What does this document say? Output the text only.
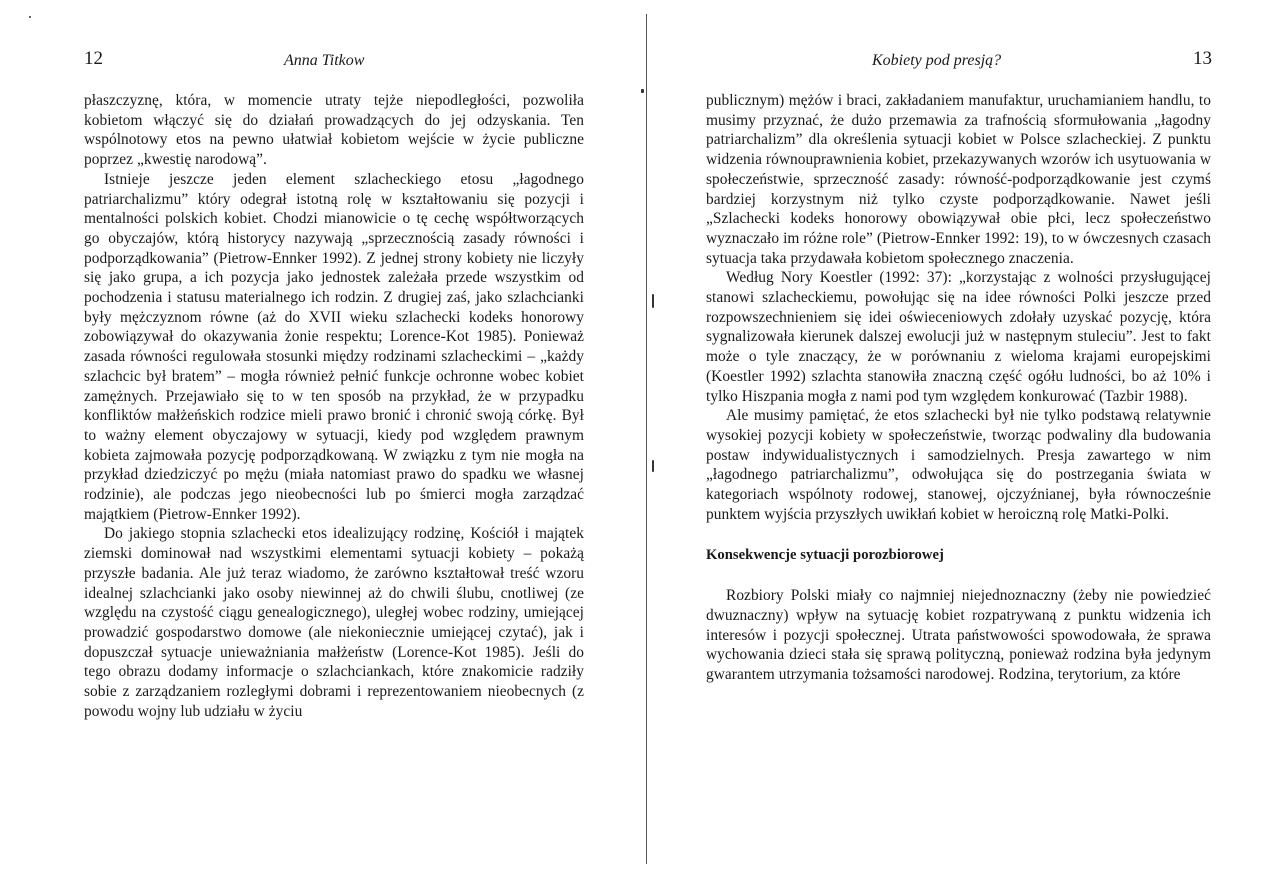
12	Anna Titkow

płaszczyznę, która, w momencie utraty tejże niepodległości, pozwoliła kobietom włączyć się do działań prowadzących do jej odzyskania. Ten wspólnotowy etos na pewno ułatwiał kobietom wejście w życie publiczne poprzez „kwestię narodową”.

Istnieje jeszcze jeden element szlacheckiego etosu „łagodnego patriarchalizmu” który odegrał istotną rolę w kształtowaniu się pozycji i mentalności polskich kobiet. Chodzi mianowicie o tę cechę współtworzących go obyczajów, którą historycy nazywają „sprzecznością zasady równości i podporządkowania” (Pietrow-Ennker 1992). Z jednej strony kobiety nie liczyły się jako grupa, a ich pozycja jako jednostek zależała przede wszystkim od pochodzenia i statusu materialnego ich rodzin. Z drugiej zaś, jako szlachcianki były mężczyznom równe (aż do XVII wieku szlachecki kodeks honorowy zobowiązywał do okazywania żonie respektu; Lorence-Kot 1985). Ponieważ zasada równości regulowała stosunki między rodzinami szlacheckimi – „każdy szlachcic był bratem” – mogła również pełnić funkcje ochronne wobec kobiet zamężnych. Przejawiało się to w ten sposób na przykład, że w przypadku konfliktów małżeńskich rodzice mieli prawo bronić i chronić swoją córkę. Był to ważny element obyczajowy w sytuacji, kiedy pod względem prawnym kobieta zajmowała pozycję podporządkowaną. W związku z tym nie mogła na przykład dziedziczyć po mężu (miała natomiast prawo do spadku we własnej rodzinie), ale podczas jego nieobecności lub po śmierci mogła zarządzać majątkiem (Pietrow-Ennker 1992).

Do jakiego stopnia szlachecki etos idealizujący rodzinę, Kościół i majątek ziemski dominował nad wszystkimi elementami sytuacji kobiety – pokażą przyszłe badania. Ale już teraz wiadomo, że zarówno kształtował treść wzoru idealnej szlachcianki jako osoby niewinnej aż do chwili ślubu, cnotliwej (ze względu na czystość ciągu genealogicznego), uległej wobec rodziny, umiejącej prowadzić gospodarstwo domowe (ale niekoniecznie umiejącej czytać), jak i dopuszczał sytuacje unieważniania małżeństw (Lorence-Kot 1985). Jeśli do tego obrazu dodamy informacje o szlachciankach, które znakomicie radziły sobie z zarządzaniem rozległymi dobrami i reprezentowaniem nieobecnych (z powodu wojny lub udziału w życiu

Kobiety pod presją?	13

publicznym) mężów i braci, zakładaniem manufaktur, uruchamianiem handlu, to musimy przyznać, że dużo przemawia za trafnością sformułowania „łagodny patriarchalizm” dla określenia sytuacji kobiet w Polsce szlacheckiej. Z punktu widzenia równouprawnienia kobiet, przekazywanych wzorów ich usytuowania w społeczeństwie, sprzeczność zasady: równość-podporządkowanie jest czymś bardziej korzystnym niż tylko czyste podporządkowanie. Nawet jeśli „Szlachecki kodeks honorowy obowiązywał obie płci, lecz społeczeństwo wyznaczało im różne role” (Pietrow-Ennker 1992: 19), to w ówczesnych czasach sytuacja taka przydawała kobietom społecznego znaczenia.

Według Nory Koestler (1992: 37): „korzystając z wolności przysługującej stanowi szlacheckiemu, powołując się na idee równości Polki jeszcze przed rozpowszechnieniem się idei oświeceniowych zdołały uzyskać pozycję, która sygnalizowała kierunek dalszej ewolucji już w następnym stuleciu”. Jest to fakt może o tyle znaczący, że w porównaniu z wieloma krajami europejskimi (Koestler 1992) szlachta stanowiła znaczną część ogółu ludności, bo aż 10% i tylko Hiszpania mogła z nami pod tym względem konkurować (Tazbir 1988).

Ale musimy pamiętać, że etos szlachecki był nie tylko podstawą relatywnie wysokiej pozycji kobiety w społeczeństwie, tworząc podwaliny dla budowania postaw indywidualistycznych i samodzielnych. Presja zawartego w nim „łagodnego patriarchalizmu”, odwołująca się do postrzegania świata w kategoriach wspólnoty rodowej, stanowej, ojczyźnianej, była równocześnie punktem wyjścia przyszłych uwikłań kobiet w heroiczną rolę Matki-Polki.

Konsekwencje sytuacji porozbiorowej

Rozbiory Polski miały co najmniej niejednoznaczny (żeby nie powiedzieć dwuznaczny) wpływ na sytuację kobiet rozpatrywaną z punktu widzenia ich interesów i pozycji społecznej. Utrata państwowości spowodowała, że sprawa wychowania dzieci stała się sprawą polityczną, ponieważ rodzina była jedynym gwarantem utrzymania tożsamości narodowej. Rodzina, terytorium, za które
